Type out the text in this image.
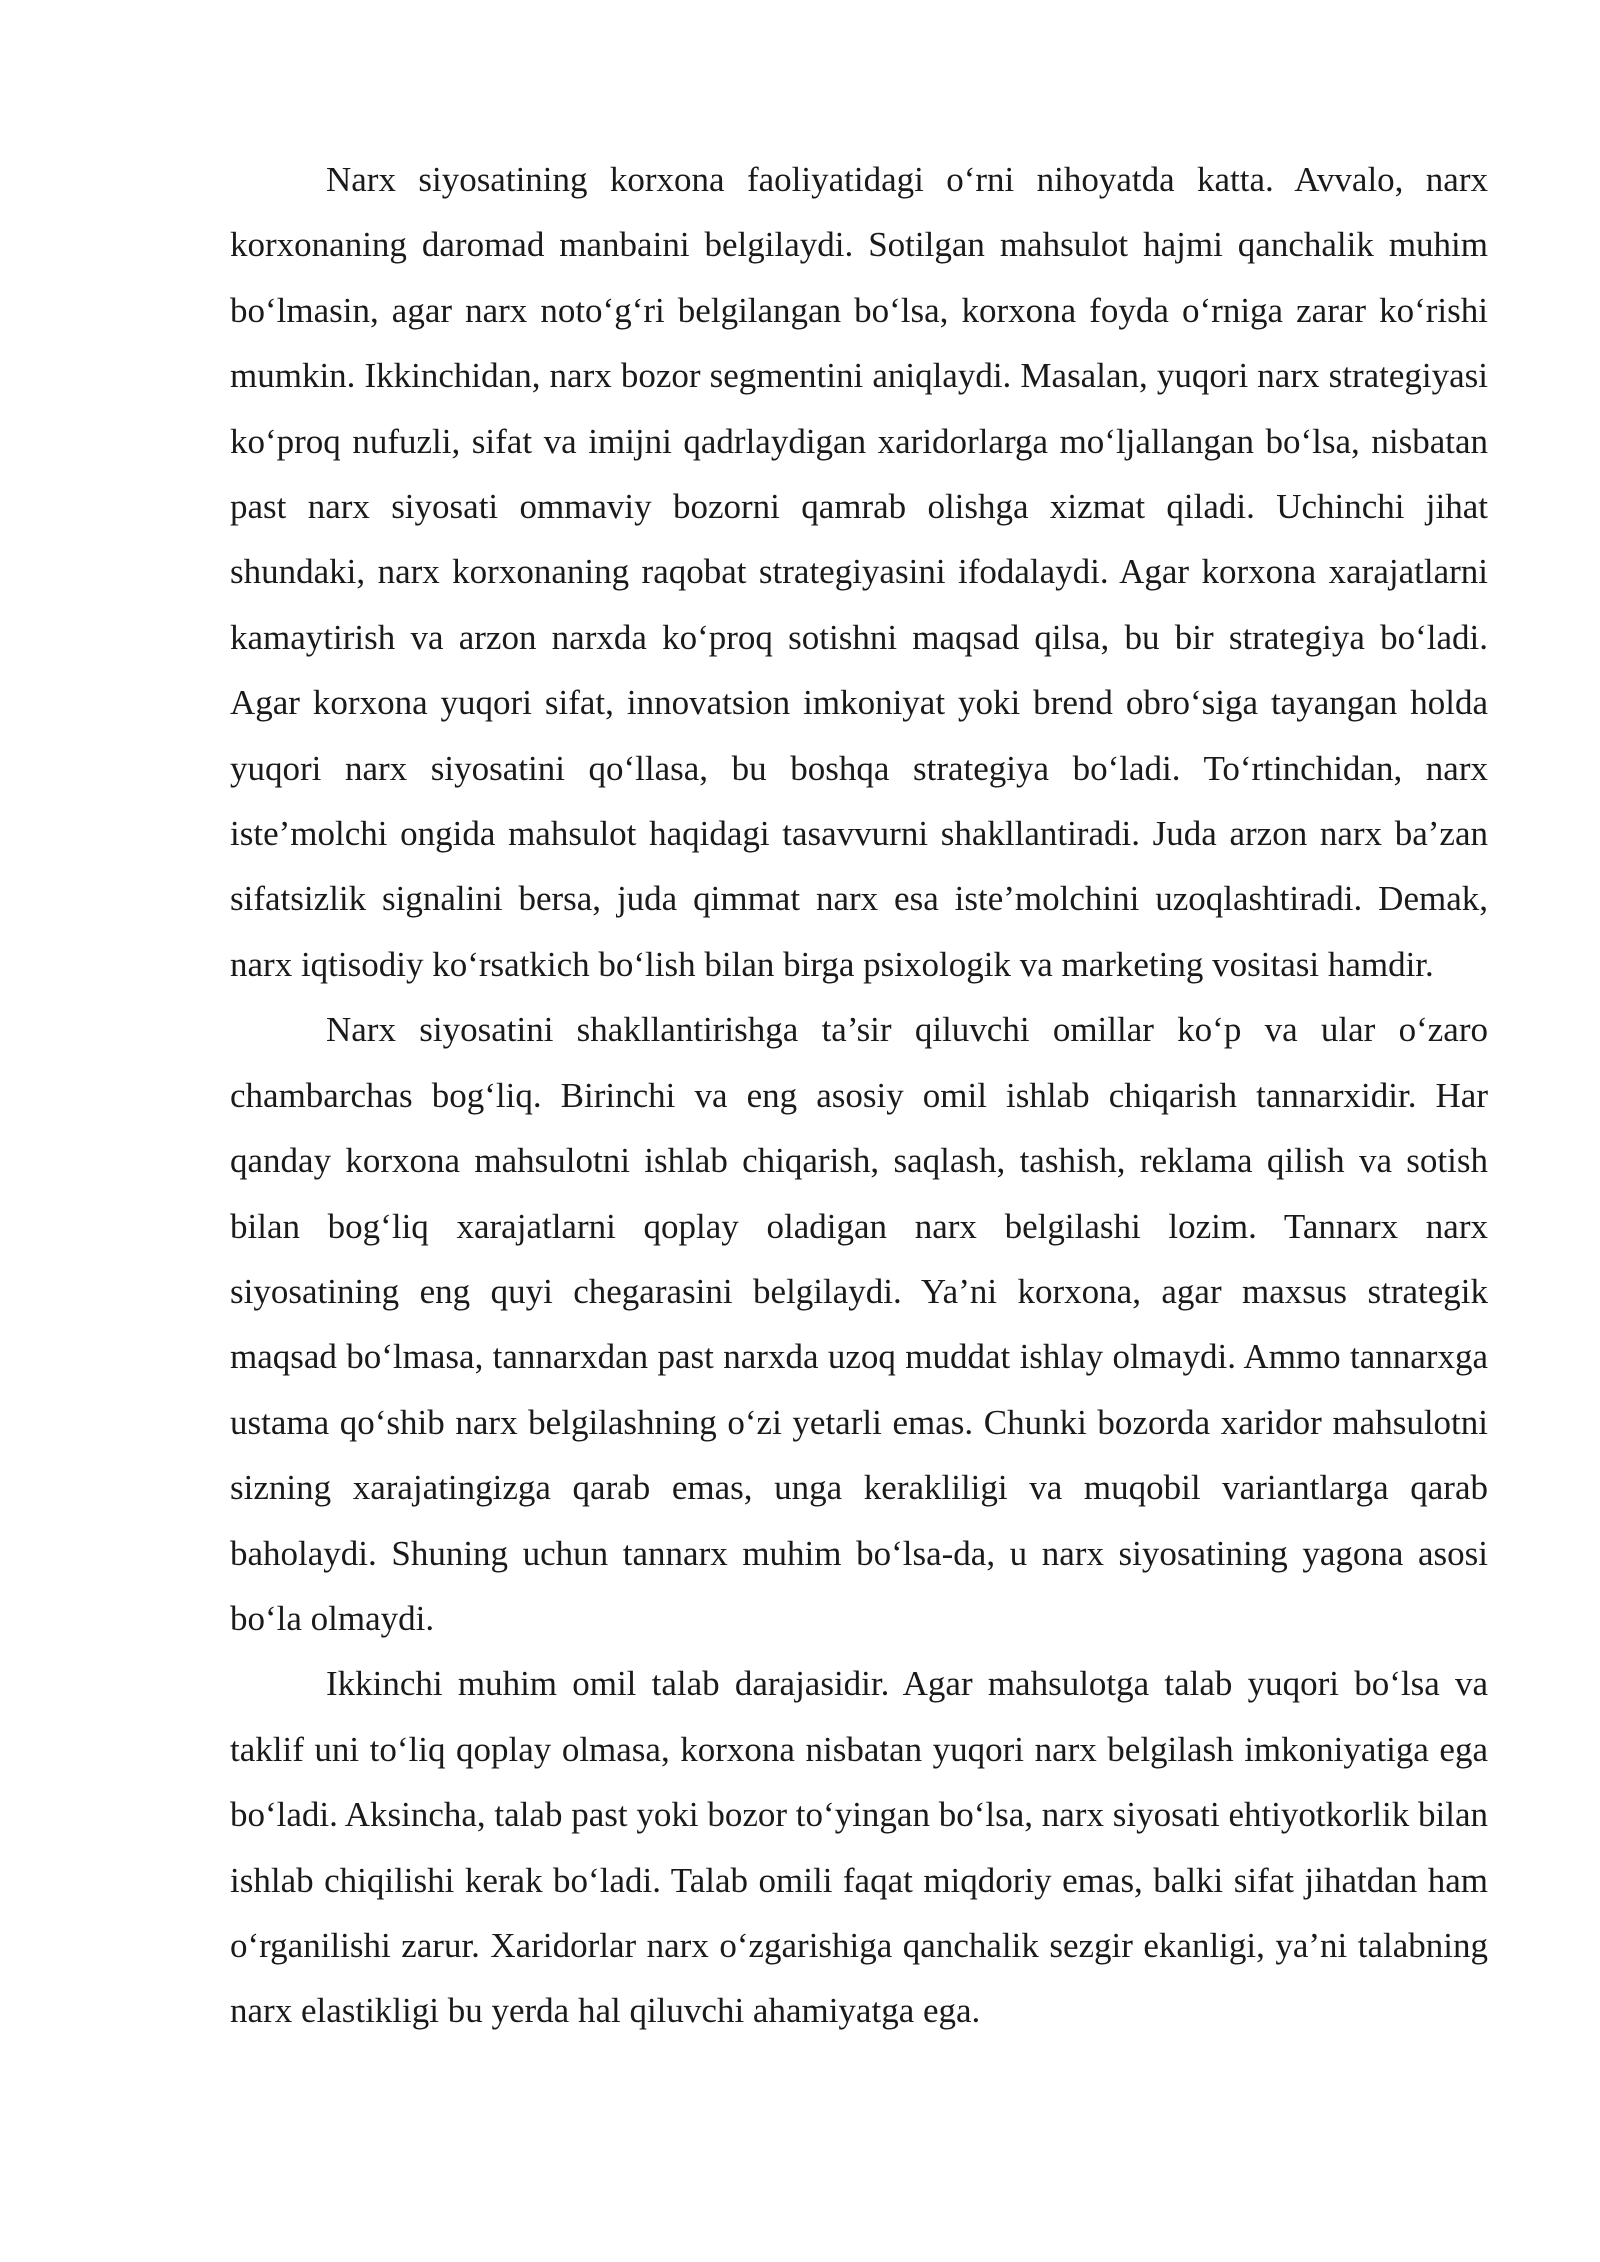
Narx siyosatining korxona faoliyatidagi o‘rni nihoyatda katta. Avvalo, narx korxonaning daromad manbaini belgilaydi. Sotilgan mahsulot hajmi qanchalik muhim bo‘lmasin, agar narx noto‘g‘ri belgilangan bo‘lsa, korxona foyda o‘rniga zarar ko‘rishi mumkin. Ikkinchidan, narx bozor segmentini aniqlaydi. Masalan, yuqori narx strategiyasi ko‘proq nufuzli, sifat va imijni qadrlaydigan xaridorlarga mo‘ljallangan bo‘lsa, nisbatan past narx siyosati ommaviy bozorni qamrab olishga xizmat qiladi. Uchinchi jihat shundaki, narx korxonaning raqobat strategiyasini ifodalaydi. Agar korxona xarajatlarni kamaytirish va arzon narxda ko‘proq sotishni maqsad qilsa, bu bir strategiya bo‘ladi. Agar korxona yuqori sifat, innovatsion imkoniyat yoki brend obro‘siga tayangan holda yuqori narx siyosatini qo‘llasa, bu boshqa strategiya bo‘ladi. To‘rtinchidan, narx iste’molchi ongida mahsulot haqidagi tasavvurni shakllantiradi. Juda arzon narx ba’zan sifatsizlik signalini bersa, juda qimmat narx esa iste’molchini uzoqlashtiradi. Demak, narx iqtisodiy ko‘rsatkich bo‘lish bilan birga psixologik va marketing vositasi hamdir.

Narx siyosatini shakllantirishga ta’sir qiluvchi omillar ko‘p va ular o‘zaro chambarchas bog‘liq. Birinchi va eng asosiy omil ishlab chiqarish tannarxidir. Har qanday korxona mahsulotni ishlab chiqarish, saqlash, tashish, reklama qilish va sotish bilan bog‘liq xarajatlarni qoplay oladigan narx belgilashi lozim. Tannarx narx siyosatining eng quyi chegarasini belgilaydi. Ya’ni korxona, agar maxsus strategik maqsad bo‘lmasa, tannarxdan past narxda uzoq muddat ishlay olmaydi. Ammo tannarxga ustama qo‘shib narx belgilashning o‘zi yetarli emas. Chunki bozorda xaridor mahsulotni sizning xarajatingizga qarab emas, unga kerakliligi va muqobil variantlarga qarab baholaydi. Shuning uchun tannarx muhim bo‘lsa-da, u narx siyosatining yagona asosi bo‘la olmaydi.

Ikkinchi muhim omil talab darajasidir. Agar mahsulotga talab yuqori bo‘lsa va taklif uni to‘liq qoplay olmasa, korxona nisbatan yuqori narx belgilash imkoniyatiga ega bo‘ladi. Aksincha, talab past yoki bozor to‘yingan bo‘lsa, narx siyosati ehtiyotkorlik bilan ishlab chiqilishi kerak bo‘ladi. Talab omili faqat miqdoriy emas, balki sifat jihatdan ham o‘rganilishi zarur. Xaridorlar narx o‘zgarishiga qanchalik sezgir ekanligi, ya’ni talabning narx elastikligi bu yerda hal qiluvchi ahamiyatga ega.
